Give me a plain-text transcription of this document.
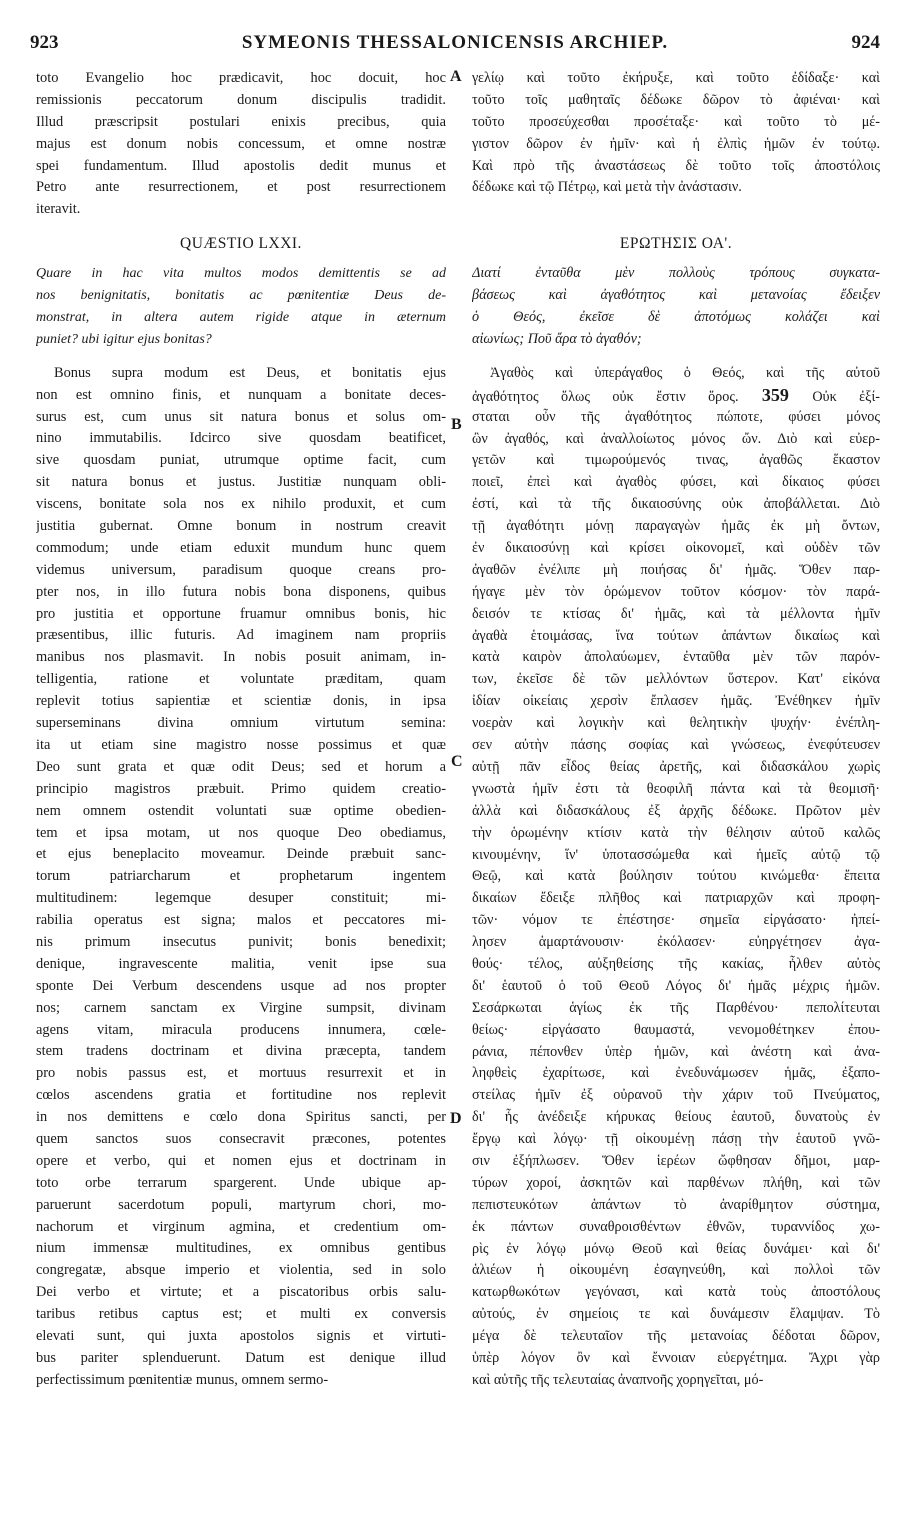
923	SYMEONIS THESSALONICENSIS ARCHIEP.	924
A
B
C
D
toto Evangelio hoc prædicavit, hoc docuit, hoc
remissionis peccatorum donum discipulis tradidit.
Illud præscripsit postulari enixis precibus, quia
majus est donum nobis concessum, et omne nostræ
spei fundamentum. Illud apostolis dedit munus et
Petro ante resurrectionem, et post resurrectionem
iteravit.
QUÆSTIO LXXI.
Quare in hac vita multos modos demittentis se ad
nos benignitatis, bonitatis ac pœnitentiæ Deus de-
monstrat, in altera autem rigide atque in æternum
puniet? ubi igitur ejus bonitas?
Bonus supra modum est Deus, et bonitatis ejus
non est omnino finis, et nunquam a bonitate deces-
surus est, cum unus sit natura bonus et solus om-
nino immutabilis. Idcirco sive quosdam beatificet,
sive quosdam puniat, utrumque optime facit, cum
sit natura bonus et justus. Justitiæ nunquam obli-
viscens, bonitate sola nos ex nihilo produxit, et cum
justitia gubernat. Omne bonum in nostrum creavit
commodum; unde etiam eduxit mundum hunc quem
videmus universum, paradisum quoque creans pro-
pter nos, in illo futura nobis bona disponens, quibus
pro justitia et opportune fruamur omnibus bonis, hic
præsentibus, illic futuris. Ad imaginem nam propriis
manibus nos plasmavit. In nobis posuit animam, in-
telligentia, ratione et voluntate præditam, quam
replevit totius sapientiæ et scientiæ donis, in ipsa
superseminans divina omnium virtutum semina:
ita ut etiam sine magistro nosse possimus et quæ
Deo sunt grata et quæ odit Deus; sed et horum a
principio magistros præbuit. Primo quidem creatio-
nem omnem ostendit voluntati suæ optime obedien-
tem et ipsa motam, ut nos quoque Deo obediamus,
et ejus beneplacito moveamur. Deinde præbuit sanc-
torum patriarcharum et prophetarum ingentem
multitudinem: legemque desuper constituit; mi-
rabilia operatus est signa; malos et peccatores mi-
nis primum insecutus punivit; bonis benedixit;
denique, ingravescente malitia, venit ipse sua
sponte Dei Verbum descendens usque ad nos propter
nos; carnem sanctam ex Virgine sumpsit, divinam
agens vitam, miracula producens innumera, cœle-
stem tradens doctrinam et divina præcepta, tandem
pro nobis passus est, et mortuus resurrexit et in
cœlos ascendens gratia et fortitudine nos replevit
in nos demittens e cœlo dona Spiritus sancti, per
quem sanctos suos consecravit præcones, potentes
opere et verbo, qui et nomen ejus et doctrinam in
toto orbe terrarum spargerent. Unde ubique ap-
paruerunt sacerdotum populi, martyrum chori, mo-
nachorum et virginum agmina, et credentium om-
nium immensæ multitudines, ex omnibus gentibus
congregatæ, absque imperio et violentia, sed in solo
Dei verbo et virtute; et a piscatoribus orbis salu-
taribus retibus captus est; et multi ex conversis
elevati sunt, qui juxta apostolos signis et virtuti-
bus pariter splenduerunt. Datum est denique illud
perfectissimum pœnitentiæ munus, omnem sermo-
γελίῳ καὶ τοῦτο ἐκήρυξε, καὶ τοῦτο ἐδίδαξε· καὶ
τοῦτο τοῖς μαθηταῖς δέδωκε δῶρον τὸ ἀφιέναι· καὶ
τοῦτο προσεύχεσθαι προσέταξε· καὶ τοῦτο τὸ μέ-
γιστον δῶρον ἐν ἡμῖν· καὶ ἡ ἐλπὶς ἡμῶν ἐν τούτῳ.
Καὶ πρὸ τῆς ἀναστάσεως δὲ τοῦτο τοῖς ἀποστόλοις
δέδωκε καὶ τῷ Πέτρῳ, καὶ μετὰ τὴν ἀνάστασιν.
ΕΡΩΤΗΣΙΣ ΟΑ'.
Διατί ἐνταῦθα μὲν πολλοὺς τρόπους συγκατα-
βάσεως καὶ ἀγαθότητος καὶ μετανοίας ἔδειξεν
ὁ Θεός, ἐκεῖσε δὲ ἀποτόμως κολάζει καὶ
αἰωνίως; Ποῦ ἄρα τὸ ἀγαθόν;
Ἀγαθὸς καὶ ὑπεράγαθος ὁ Θεός, καὶ τῆς αὐτοῦ
ἀγαθότητος ὅλως οὐκ ἔστιν ὅρος. 359 Οὐκ ἐξί-
σταται οὖν τῆς ἀγαθότητος πώποτε, φύσει μόνος
ὢν ἀγαθός, καὶ ἀναλλοίωτος μόνος ὤν. Διὸ καὶ εὐερ-
γετῶν καὶ τιμωρούμενός τινας, ἀγαθῶς ἕκαστον
ποιεῖ, ἐπεὶ καὶ ἀγαθὸς φύσει, καὶ δίκαιος φύσει
ἐστί, καὶ τὰ τῆς δικαιοσύνης οὐκ ἀποβάλλεται. Διὸ
τῇ ἀγαθότητι μόνῃ παραγαγὼν ἡμᾶς ἐκ μὴ ὄντων,
ἐν δικαιοσύνῃ καὶ κρίσει οἰκονομεῖ, καὶ οὐδὲν τῶν
ἀγαθῶν ἐνέλιπε μὴ ποιήσας δι' ἡμᾶς. Ὅθεν παρ-
ήγαγε μὲν τὸν ὁρώμενον τοῦτον κόσμον· τὸν παρά-
δεισόν τε κτίσας δι' ἡμᾶς, καὶ τὰ μέλλοντα ἡμῖν
ἀγαθὰ ἑτοιμάσας, ἵνα τούτων ἁπάντων δικαίως καὶ
κατὰ καιρὸν ἀπολαύωμεν, ἐνταῦθα μὲν τῶν παρόν-
των, ἐκεῖσε δὲ τῶν μελλόντων ὕστερον. Κατ' εἰκόνα
ἰδίαν οἰκείαις χερσὶν ἔπλασεν ἡμᾶς. Ἐνέθηκεν ἡμῖν
νοερὰν καὶ λογικὴν καὶ θελητικὴν ψυχήν· ἐνέπλη-
σεν αὐτὴν πάσης σοφίας καὶ γνώσεως, ἐνεφύτευσεν
αὐτῇ πᾶν εἶδος θείας ἀρετῆς, καὶ διδασκάλου χωρὶς
γνωστὰ ἡμῖν ἐστι τὰ θεοφιλῆ πάντα καὶ τὰ θεομισῆ·
ἀλλὰ καὶ διδασκάλους ἐξ ἀρχῆς δέδωκε. Πρῶτον μὲν
τὴν ὁρωμένην κτίσιν κατὰ τὴν θέλησιν αὐτοῦ καλῶς
κινουμένην, ἵν' ὑποτασσώμεθα καὶ ἡμεῖς αὐτῷ τῷ
Θεῷ, καὶ κατὰ βούλησιν τούτου κινώμεθα· ἔπειτα
δικαίων ἔδειξε πλῆθος καὶ πατριαρχῶν καὶ προφη-
τῶν· νόμον τε ἐπέστησε· σημεῖα εἰργάσατο· ἠπεί-
λησεν ἁμαρτάνουσιν· ἐκόλασεν· εὐηργέτησεν ἀγα-
θούς· τέλος, αὐξηθείσης τῆς κακίας, ἦλθεν αὐτὸς
δι' ἑαυτοῦ ὁ τοῦ Θεοῦ Λόγος δι' ἡμᾶς μέχρις ἡμῶν.
Σεσάρκωται ἁγίως ἐκ τῆς Παρθένου· πεπολίτευται
θείως· εἰργάσατο θαυμαστά, νενομοθέτηκεν ἐπου-
ράνια, πέπονθεν ὑπὲρ ἡμῶν, καὶ ἀνέστη καὶ ἀνα-
ληφθεὶς ἐχαρίτωσε, καὶ ἐνεδυνάμωσεν ἡμᾶς, ἐξαπο-
στείλας ἡμῖν ἐξ οὐρανοῦ τὴν χάριν τοῦ Πνεύματος,
δι' ἧς ἀνέδειξε κήρυκας θείους ἑαυτοῦ, δυνατοὺς ἐν
ἔργῳ καὶ λόγῳ· τῇ οἰκουμένῃ πάσῃ τὴν ἑαυτοῦ γνῶ-
σιν ἐξήπλωσεν. Ὅθεν ἱερέων ὤφθησαν δῆμοι, μαρ-
τύρων χοροί, ἀσκητῶν καὶ παρθένων πλήθη, καὶ τῶν
πεπιστευκότων ἁπάντων τὸ ἀναρίθμητον σύστημα,
ἐκ πάντων συναθροισθέντων ἐθνῶν, τυραννίδος χω-
ρὶς ἐν λόγῳ μόνῳ Θεοῦ καὶ θείας δυνάμει· καὶ δι'
ἁλιέων ἡ οἰκουμένη ἐσαγηνεύθη, καὶ πολλοὶ τῶν
κατωρθωκότων γεγόνασι, καὶ κατὰ τοὺς ἀποστόλους
αὐτούς, ἐν σημείοις τε καὶ δυνάμεσιν ἔλαμψαν. Τὸ
μέγα δὲ τελευταῖον τῆς μετανοίας δέδοται δῶρον,
ὑπὲρ λόγον ὂν καὶ ἔννοιαν εὐεργέτημα. Ἄχρι γὰρ
καὶ αὐτῆς τῆς τελευταίας ἀναπνοῆς χορηγεῖται, μό-
